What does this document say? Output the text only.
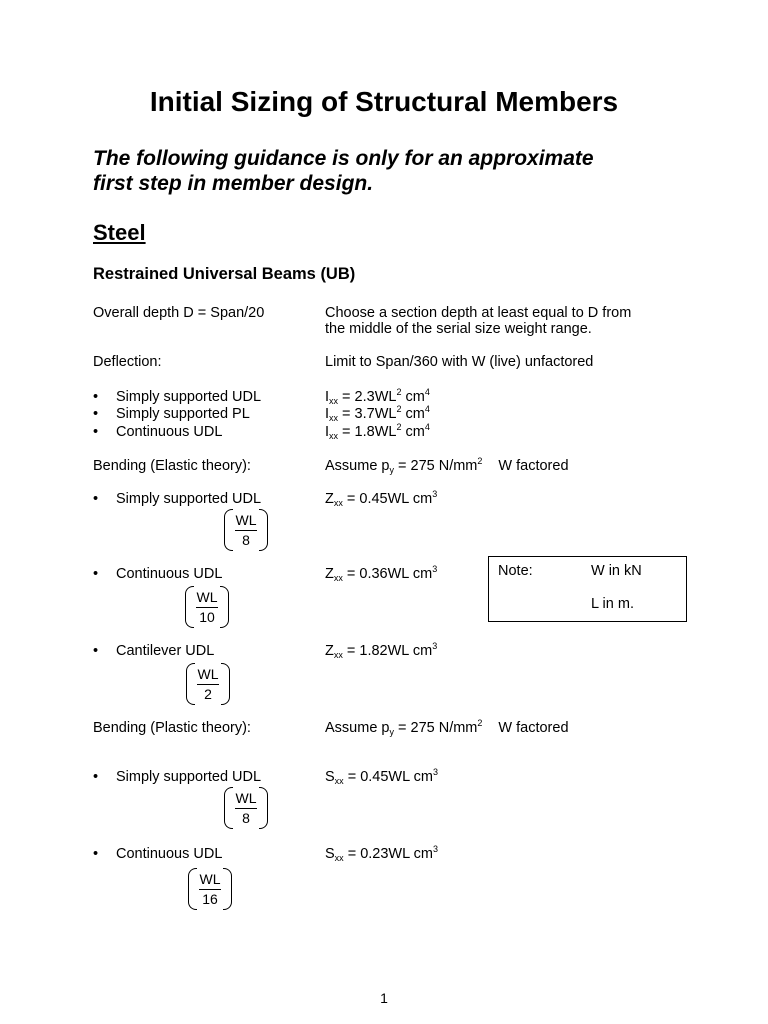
Initial Sizing of Structural Members
The following guidance is only for an approximate
first step in member design.
Steel
Restrained Universal Beams (UB)
Overall depth D = Span/20	Choose a section depth at least equal to D from
the middle of the serial size weight range.
Deflection:	Limit to Span/360 with W (live) unfactored
• Simply supported UDL	$I_{xx} = 2.3WL^2$ $cm^4$
• Simply supported PL	$I_{xx} = 3.7WL^2$ $cm^4$
• Continuous UDL	$I_{xx} = 1.8WL^2$ $cm^4$
Bending (Elastic theory):	Assume $p_y = 275$ $N/mm^2$ W factored
• Simply supported UDL	$Z_{xx} = 0.45WL$ $cm^3$
WL
8
• Continuous UDL	$Z_{xx} = 0.36WL$ $cm^3$
WL
10
Note:	W in kN
L in m.
• Cantilever UDL	$Z_{xx} = 1.82WL$ $cm^3$
WL
2
Bending (Plastic theory):	Assume $p_y = 275$ $N/mm^2$ W factored
• Simply supported UDL	$S_{xx} = 0.45WL$ $cm^3$
WL
8
• Continuous UDL	$S_{xx} = 0.23WL$ $cm^3$
WL
16
1
